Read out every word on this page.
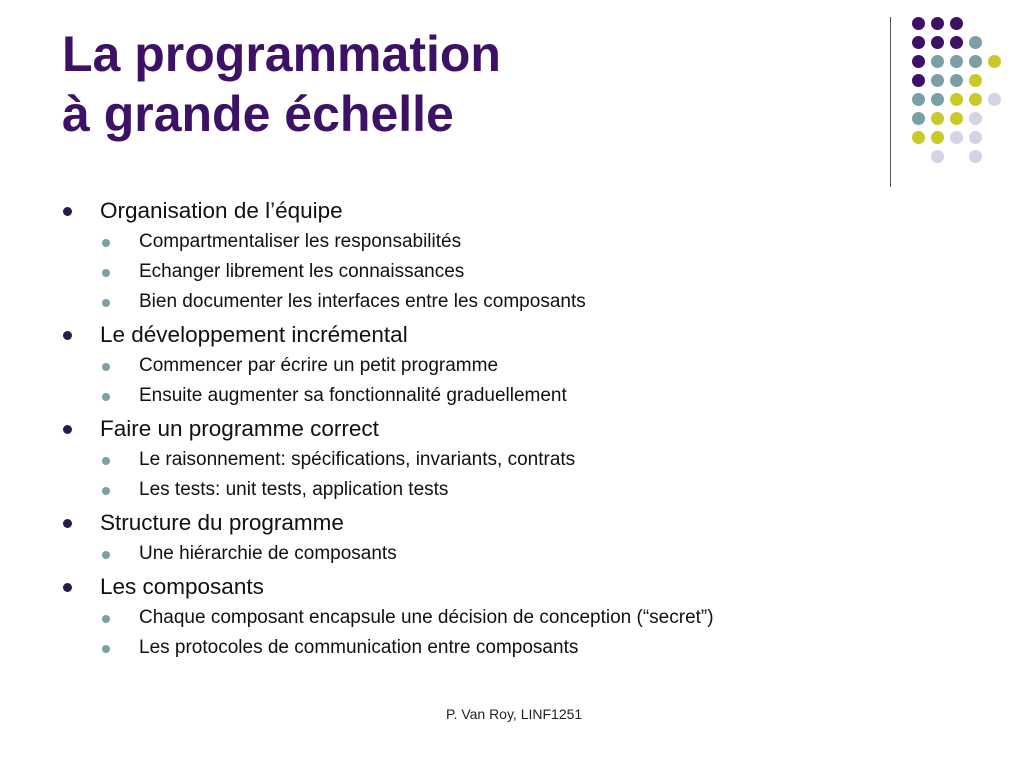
La programmation
à grande échelle
Organisation de l’équipe
Compartmentaliser les responsabilités
Echanger librement les connaissances
Bien documenter les interfaces entre les composants
Le développement incrémental
Commencer par écrire un petit programme
Ensuite augmenter sa fonctionnalité graduellement
Faire un programme correct
Le raisonnement: spécifications, invariants, contrats
Les tests: unit tests, application tests
Structure du programme
Une hiérarchie de composants
Les composants
Chaque composant encapsule une décision de conception (“secret”)
Les protocoles de communication entre composants
P. Van Roy, LINF1251
